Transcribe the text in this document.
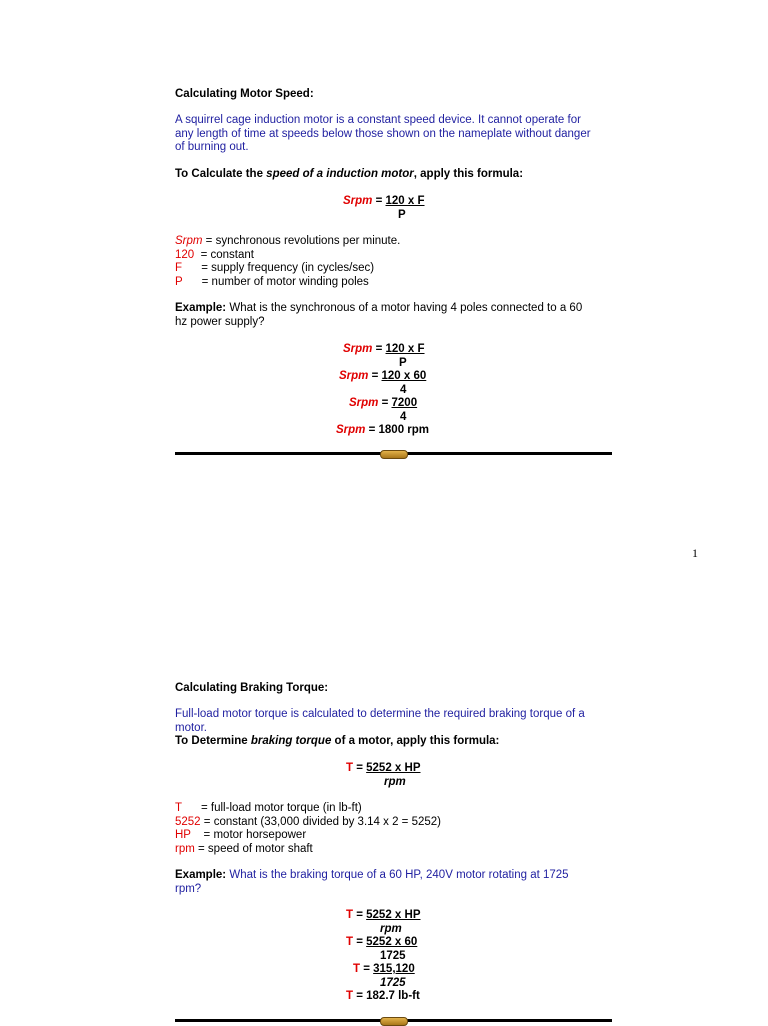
Calculating Motor Speed:

A squirrel cage induction motor is a constant speed device. It cannot operate for any length of time at speeds below those shown on the nameplate without danger of burning out.

To Calculate the speed of a induction motor, apply this formula:

Srpm = 120 x F
P
Srpm = synchronous revolutions per minute.
120  = constant
F      = supply frequency (in cycles/sec)
P      = number of motor winding poles

Example: What is the synchronous of a motor having 4 poles connected to a 60 hz power supply?

Srpm = 120 x F
P
Srpm = 120 x 60
4
Srpm = 7200
4
Srpm = 1800 rpm
1

Calculating Braking Torque:

Full-load motor torque is calculated to determine the required braking torque of a motor.

To Determine braking torque of a motor, apply this formula:

T = 5252 x HP
rpm
T      = full-load motor torque (in lb-ft)
5252 = constant (33,000 divided by 3.14 x 2 = 5252)
HP    = motor horsepower
rpm = speed of motor shaft

Example: What is the braking torque of a 60 HP, 240V motor rotating at 1725 rpm?

T = 5252 x HP
rpm
T = 5252 x 60
1725
T = 315,120
1725
T = 182.7 lb-ft
